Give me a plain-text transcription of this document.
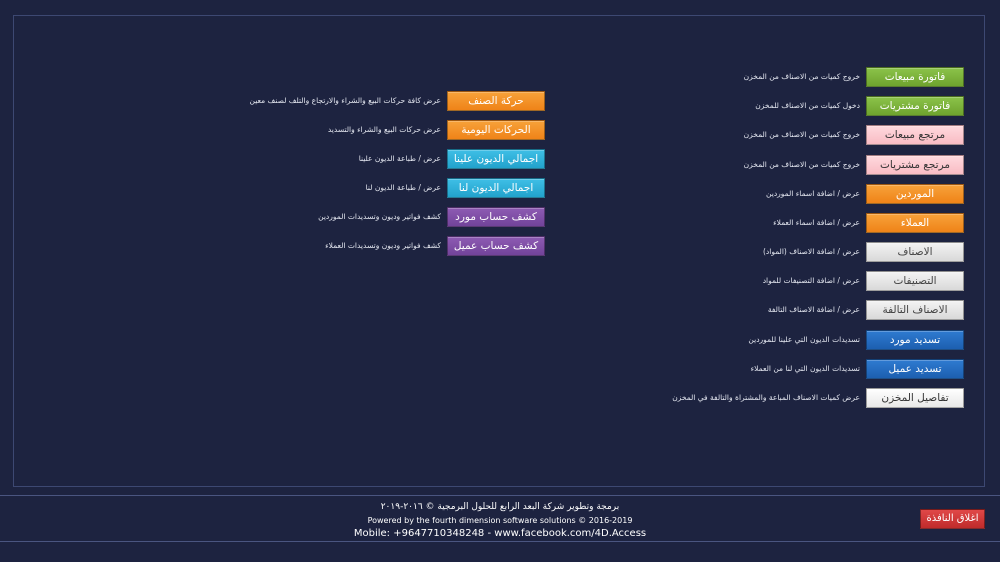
فاتورة مبيعات
خروج كميات من الاصناف من المخزن
فاتورة مشتريات
دخول كميات من الاصناف للمخزن
مرتجع مبيعات
خروج كميات من الاصناف من المخزن
مرتجع مشتريات
خروج كميات من الاصناف من المخزن
الموردين
عرض / اضافة اسماء الموردين
العملاء
عرض / اضافة اسماء العملاء
الاصناف
عرض / اضافة الاصناف (المواد)
التصنيفات
عرض / اضافة التصنيفات للمواد
الاصناف التالفة
عرض / اضافة الاصناف التالفة
تسديد مورد
تسديدات الديون التي علينا للموردين
تسديد عميل
تسديدات الديون التي لنا من العملاء
تفاصيل المخزن
عرض كميات الاصناف المباعة والمشتراة والتالفة في المخزن
حركة الصنف
عرض كافة حركات البيع والشراء والارتجاع والتلف لصنف معين
الحركات اليومية
عرض حركات البيع والشراء والتسديد
اجمالي الديون علينا
عرض / طباعة الديون علينا
اجمالي الديون لنا
عرض / طباعة الديون لنا
كشف حساب مورد
كشف فواتير وديون وتسديدات الموردين
كشف حساب عميل
كشف فواتير وديون وتسديدات العملاء
برمجة وتطوير شركة البعد الرابع للحلول البرمجية © ٢٠١٦-٢٠١٩
Powered by the fourth dimension software solutions © 2016-2019
Mobile: +9647710348248 - www.facebook.com/4D.Access
اغلاق النافذة
